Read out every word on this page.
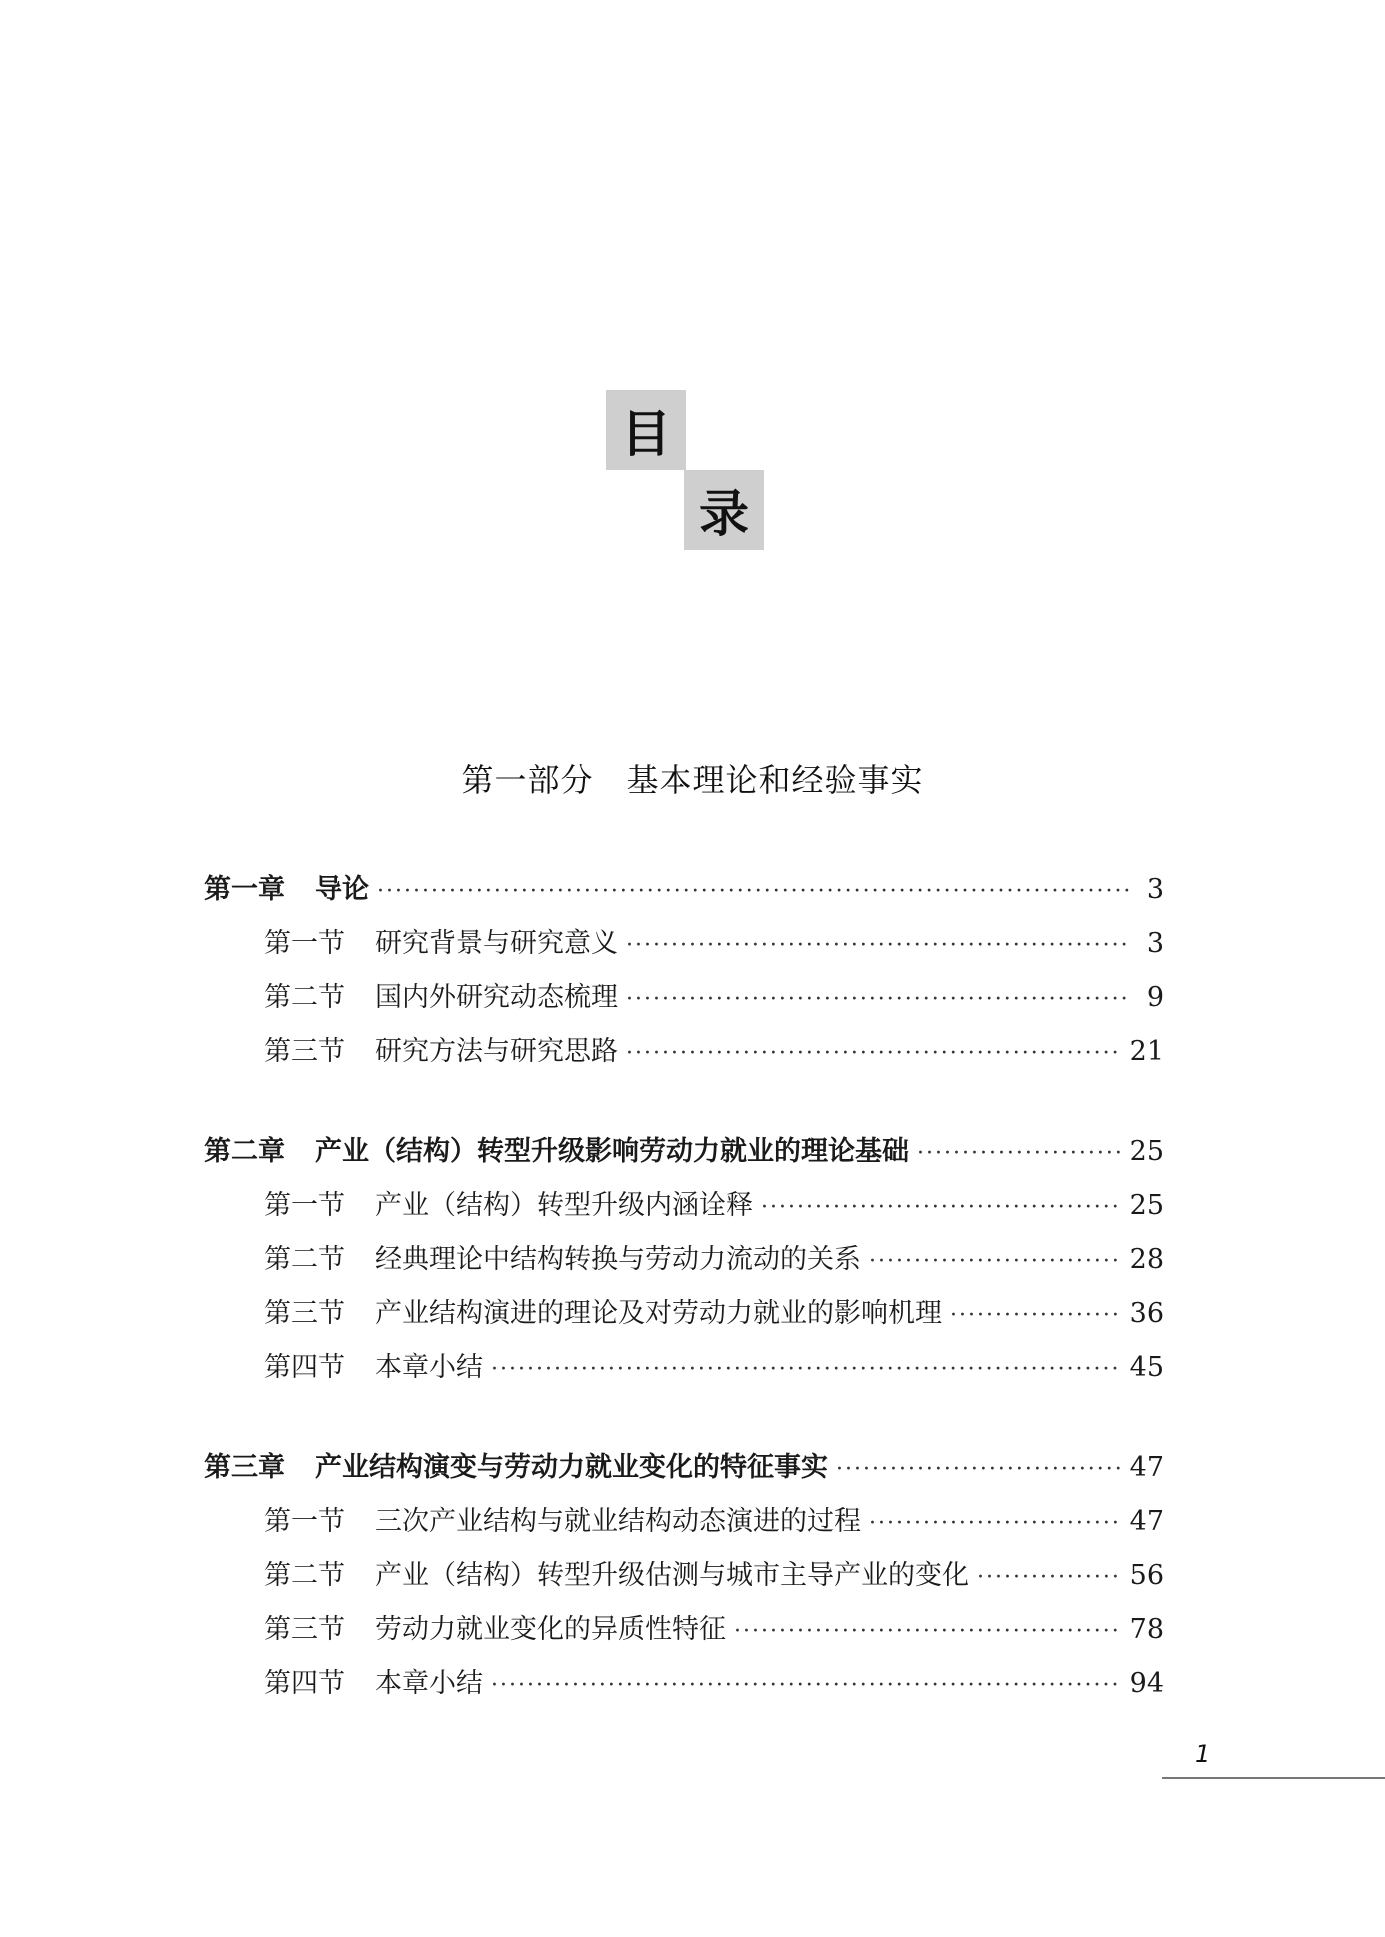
目
录
第一部分　基本理论和经验事实
第一章 导论 ·····	3
第一节 研究背景与研究意义 ·····	3
第二节 国内外研究动态梳理 ·····	9
第三节 研究方法与研究思路 ·····	21
第二章 产业（结构）转型升级影响劳动力就业的理论基础 ·····	25
第一节 产业（结构）转型升级内涵诠释 ·····	25
第二节 经典理论中结构转换与劳动力流动的关系 ·····	28
第三节 产业结构演进的理论及对劳动力就业的影响机理 ·····	36
第四节 本章小结 ·····	45
第三章 产业结构演变与劳动力就业变化的特征事实 ·····	47
第一节 三次产业结构与就业结构动态演进的过程 ·····	47
第二节 产业（结构）转型升级估测与城市主导产业的变化 ·····	56
第三节 劳动力就业变化的异质性特征 ·····	78
第四节 本章小结 ·····	94
1
